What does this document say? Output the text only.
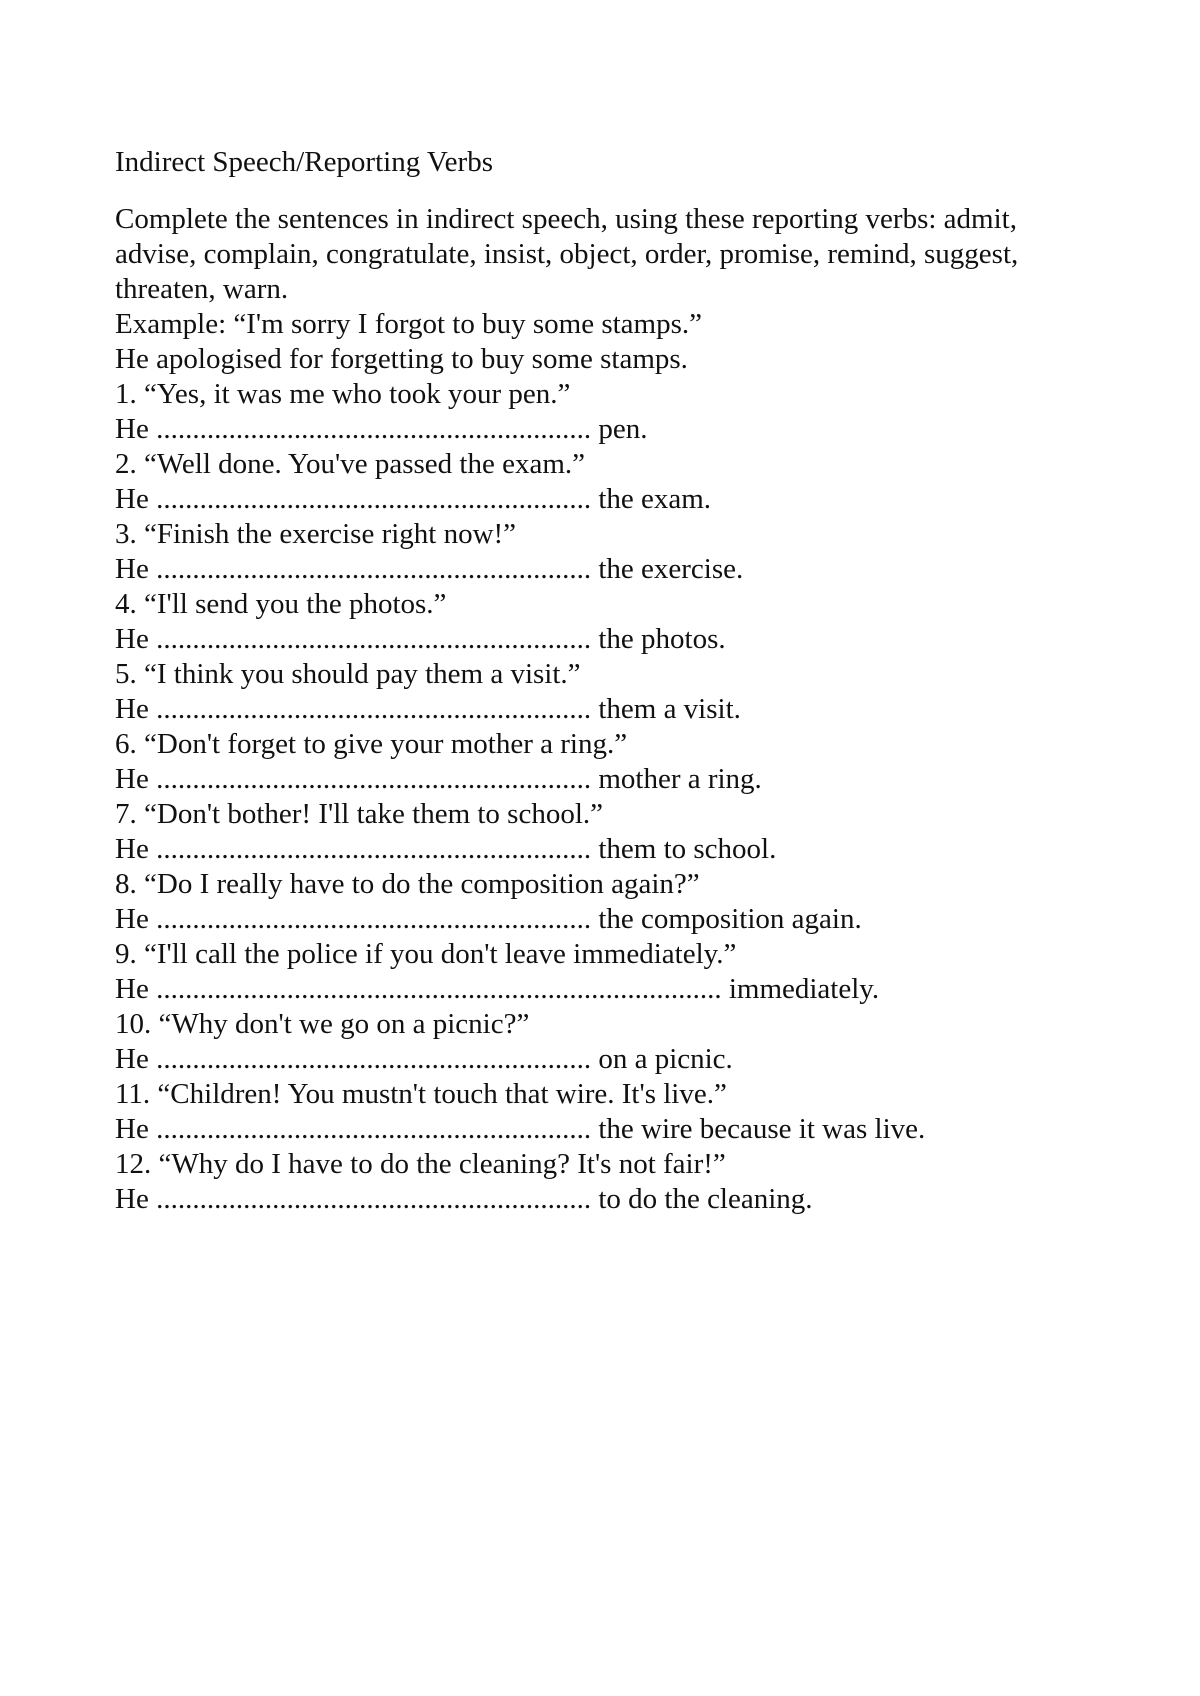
Indirect Speech/Reporting Verbs
Complete the sentences in indirect speech, using these reporting verbs: admit,
advise, complain, congratulate, insist, object, order, promise, remind, suggest,
threaten, warn.
Example: “I'm sorry I forgot to buy some stamps.”
He apologised for forgetting to buy some stamps.
1. “Yes, it was me who took your pen.”
He ............................................................ pen.
2. “Well done. You've passed the exam.”
He ............................................................ the exam.
3. “Finish the exercise right now!”
He ............................................................ the exercise.
4. “I'll send you the photos.”
He ............................................................ the photos.
5. “I think you should pay them a visit.”
He ............................................................ them a visit.
6. “Don't forget to give your mother a ring.”
He ............................................................ mother a ring.
7. “Don't bother! I'll take them to school.”
He ............................................................ them to school.
8. “Do I really have to do the composition again?”
He ............................................................ the composition again.
9. “I'll call the police if you don't leave immediately.”
He .............................................................................. immediately.
10. “Why don't we go on a picnic?”
He ............................................................ on a picnic.
11. “Children! You mustn't touch that wire. It's live.”
He ............................................................ the wire because it was live.
12. “Why do I have to do the cleaning? It's not fair!”
He ............................................................ to do the cleaning.
